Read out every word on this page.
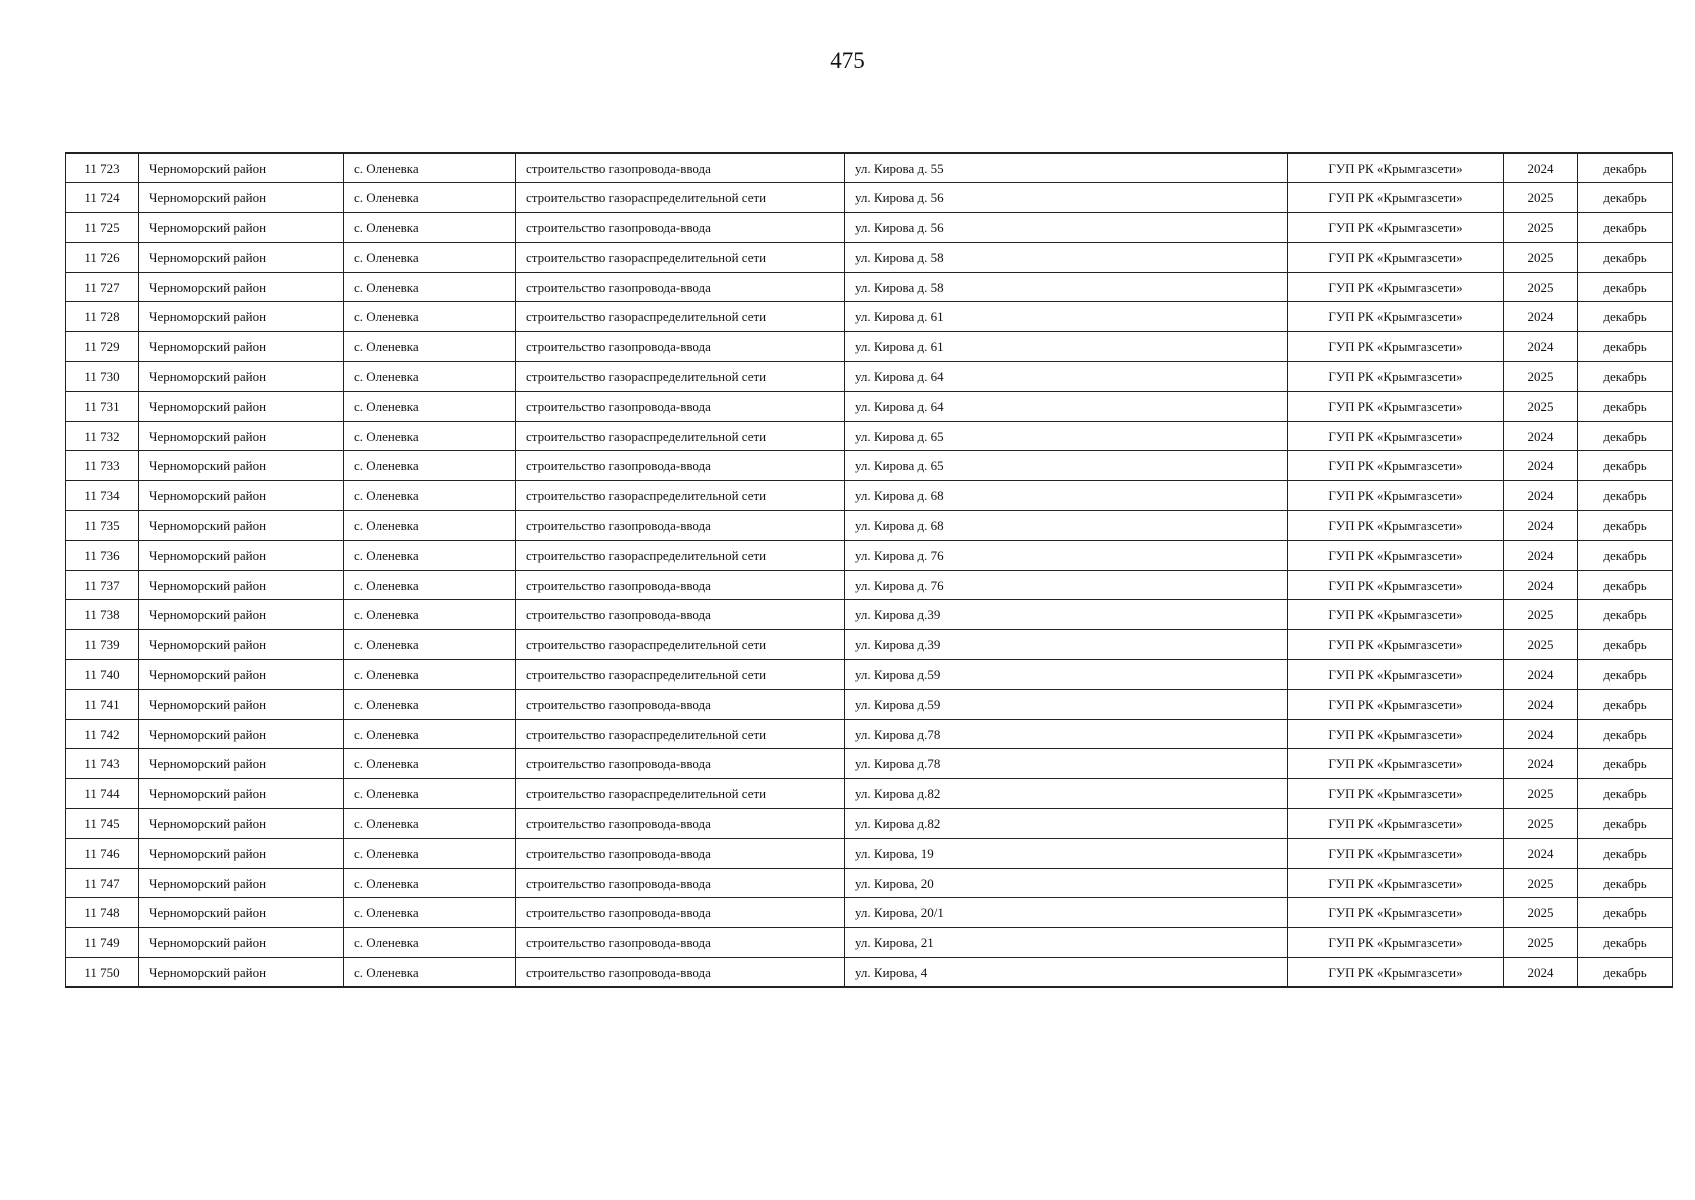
475
11 723	Черноморский район	с. Оленевка	строительство газопровода-ввода	ул. Кирова д. 55	ГУП РК «Крымгазсети»	2024	декабрь
11 724	Черноморский район	с. Оленевка	строительство газораспределительной сети	ул. Кирова д. 56	ГУП РК «Крымгазсети»	2025	декабрь
11 725	Черноморский район	с. Оленевка	строительство газопровода-ввода	ул. Кирова д. 56	ГУП РК «Крымгазсети»	2025	декабрь
11 726	Черноморский район	с. Оленевка	строительство газораспределительной сети	ул. Кирова д. 58	ГУП РК «Крымгазсети»	2025	декабрь
11 727	Черноморский район	с. Оленевка	строительство газопровода-ввода	ул. Кирова д. 58	ГУП РК «Крымгазсети»	2025	декабрь
11 728	Черноморский район	с. Оленевка	строительство газораспределительной сети	ул. Кирова д. 61	ГУП РК «Крымгазсети»	2024	декабрь
11 729	Черноморский район	с. Оленевка	строительство газопровода-ввода	ул. Кирова д. 61	ГУП РК «Крымгазсети»	2024	декабрь
11 730	Черноморский район	с. Оленевка	строительство газораспределительной сети	ул. Кирова д. 64	ГУП РК «Крымгазсети»	2025	декабрь
11 731	Черноморский район	с. Оленевка	строительство газопровода-ввода	ул. Кирова д. 64	ГУП РК «Крымгазсети»	2025	декабрь
11 732	Черноморский район	с. Оленевка	строительство газораспределительной сети	ул. Кирова д. 65	ГУП РК «Крымгазсети»	2024	декабрь
11 733	Черноморский район	с. Оленевка	строительство газопровода-ввода	ул. Кирова д. 65	ГУП РК «Крымгазсети»	2024	декабрь
11 734	Черноморский район	с. Оленевка	строительство газораспределительной сети	ул. Кирова д. 68	ГУП РК «Крымгазсети»	2024	декабрь
11 735	Черноморский район	с. Оленевка	строительство газопровода-ввода	ул. Кирова д. 68	ГУП РК «Крымгазсети»	2024	декабрь
11 736	Черноморский район	с. Оленевка	строительство газораспределительной сети	ул. Кирова д. 76	ГУП РК «Крымгазсети»	2024	декабрь
11 737	Черноморский район	с. Оленевка	строительство газопровода-ввода	ул. Кирова д. 76	ГУП РК «Крымгазсети»	2024	декабрь
11 738	Черноморский район	с. Оленевка	строительство газопровода-ввода	ул. Кирова д.39	ГУП РК «Крымгазсети»	2025	декабрь
11 739	Черноморский район	с. Оленевка	строительство газораспределительной сети	ул. Кирова д.39	ГУП РК «Крымгазсети»	2025	декабрь
11 740	Черноморский район	с. Оленевка	строительство газораспределительной сети	ул. Кирова д.59	ГУП РК «Крымгазсети»	2024	декабрь
11 741	Черноморский район	с. Оленевка	строительство газопровода-ввода	ул. Кирова д.59	ГУП РК «Крымгазсети»	2024	декабрь
11 742	Черноморский район	с. Оленевка	строительство газораспределительной сети	ул. Кирова д.78	ГУП РК «Крымгазсети»	2024	декабрь
11 743	Черноморский район	с. Оленевка	строительство газопровода-ввода	ул. Кирова д.78	ГУП РК «Крымгазсети»	2024	декабрь
11 744	Черноморский район	с. Оленевка	строительство газораспределительной сети	ул. Кирова д.82	ГУП РК «Крымгазсети»	2025	декабрь
11 745	Черноморский район	с. Оленевка	строительство газопровода-ввода	ул. Кирова д.82	ГУП РК «Крымгазсети»	2025	декабрь
11 746	Черноморский район	с. Оленевка	строительство газопровода-ввода	ул. Кирова, 19	ГУП РК «Крымгазсети»	2024	декабрь
11 747	Черноморский район	с. Оленевка	строительство газопровода-ввода	ул. Кирова, 20	ГУП РК «Крымгазсети»	2025	декабрь
11 748	Черноморский район	с. Оленевка	строительство газопровода-ввода	ул. Кирова, 20/1	ГУП РК «Крымгазсети»	2025	декабрь
11 749	Черноморский район	с. Оленевка	строительство газопровода-ввода	ул. Кирова, 21	ГУП РК «Крымгазсети»	2025	декабрь
11 750	Черноморский район	с. Оленевка	строительство газопровода-ввода	ул. Кирова, 4	ГУП РК «Крымгазсети»	2024	декабрь
